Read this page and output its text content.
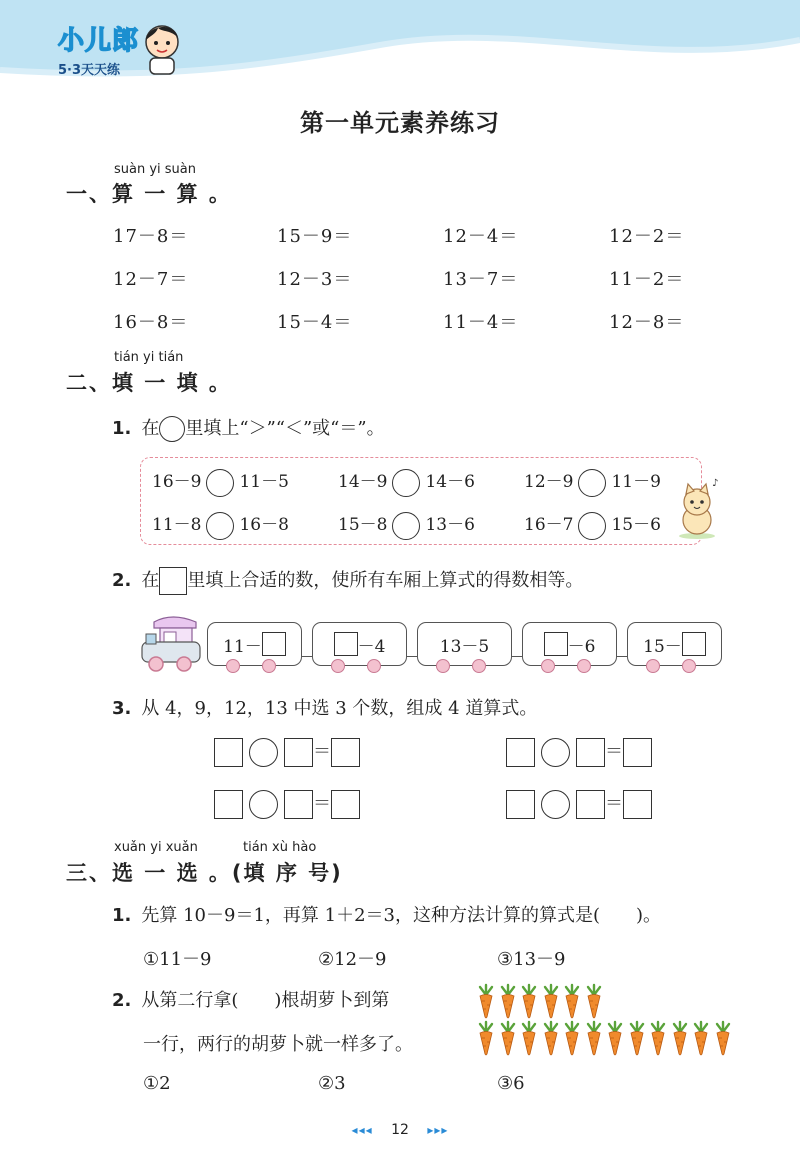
小儿郎
5·3天天练
第一单元素养练习
suàn yi suàn
一、算 一 算 。
17－8＝	15－9＝	12－4＝	12－2＝
12－7＝	12－3＝	13－7＝	11－2＝
16－8＝	15－4＝	11－4＝	12－8＝
tián yi tián
二、填 一 填 。
1. 在 里填上“＞”“＜”或“＝”。
16－9 11－5	14－9 14－6	12－9 11－9
11－8 16－8	15－8 13－6	16－7 15－6
♪
2. 在 里填上合适的数，使所有车厢上算式的得数相等。
11－	－4	13－5	－6	15－
3. 从 4，9，12，13 中选 3 个数，组成 4 道算式。
＝	＝
＝	＝
xuǎn yi xuǎn	tián xù hào
三、选 一 选 。(填 序 号)
1. 先算 10－9＝1，再算 1＋2＝3，这种方法计算的算式是(　　)。
①11－9	②12－9	③13－9
2. 从第二行拿(　　)根胡萝卜到第
一行，两行的胡萝卜就一样多了。
①2	②3	③6
◂◂◂ 12 ▸▸▸
